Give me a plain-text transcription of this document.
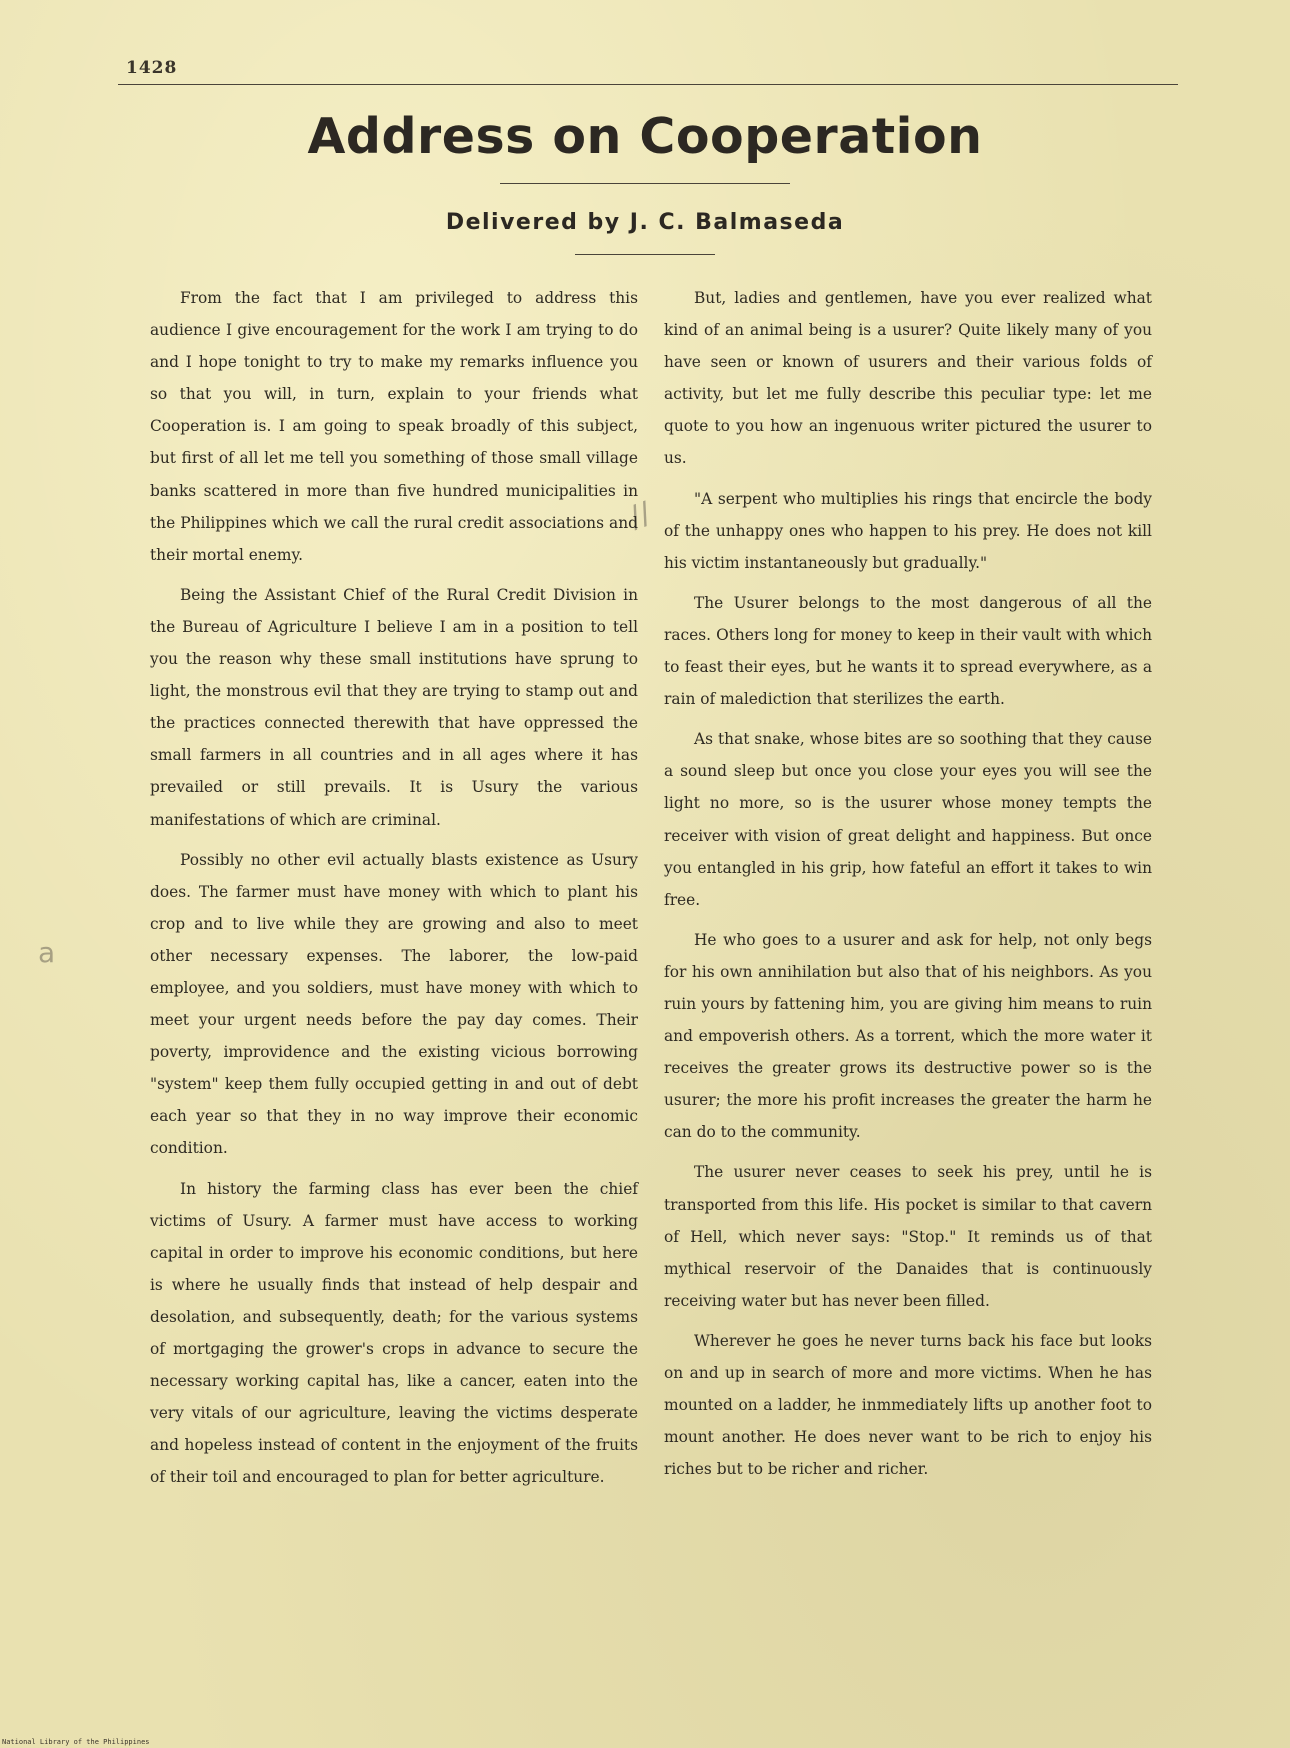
a
//
1428
Address on Cooperation
Delivered by J. C. Balmaseda

From the fact that I am privileged to address this audience I give encouragement for the work I am trying to do and I hope tonight to try to make my remarks influence you so that you will, in turn, explain to your friends what Cooperation is. I am going to speak broadly of this subject, but first of all let me tell you something of those small village banks scattered in more than five hundred municipalities in the Philippines which we call the rural credit associations and their mortal enemy.

Being the Assistant Chief of the Rural Credit Division in the Bureau of Agriculture I believe I am in a position to tell you the reason why these small institutions have sprung to light, the monstrous evil that they are trying to stamp out and the practices connected therewith that have oppressed the small farmers in all countries and in all ages where it has prevailed or still prevails. It is Usury the various manifestations of which are criminal.

Possibly no other evil actually blasts existence as Usury does. The farmer must have money with which to plant his crop and to live while they are growing and also to meet other necessary expenses. The laborer, the low-paid employee, and you soldiers, must have money with which to meet your urgent needs before the pay day comes. Their poverty, improvidence and the existing vicious borrowing "system" keep them fully occupied getting in and out of debt each year so that they in no way improve their economic condition.

In history the farming class has ever been the chief victims of Usury. A farmer must have access to working capital in order to improve his economic conditions, but here is where he usually finds that instead of help despair and desolation, and subsequently, death; for the various systems of mortgaging the grower's crops in advance to secure the necessary working capital has, like a cancer, eaten into the very vitals of our agriculture, leaving the victims desperate and hopeless instead of content in the enjoyment of the fruits of their toil and encouraged to plan for better agriculture.

But, ladies and gentlemen, have you ever realized what kind of an animal being is a usurer? Quite likely many of you have seen or known of usurers and their various folds of activity, but let me fully describe this peculiar type: let me quote to you how an ingenuous writer pictured the usurer to us.

"A serpent who multiplies his rings that encircle the body of the unhappy ones who happen to his prey. He does not kill his victim instantaneously but gradually."

The Usurer belongs to the most dangerous of all the races. Others long for money to keep in their vault with which to feast their eyes, but he wants it to spread everywhere, as a rain of malediction that sterilizes the earth.

As that snake, whose bites are so soothing that they cause a sound sleep but once you close your eyes you will see the light no more, so is the usurer whose money tempts the receiver with vision of great delight and happiness. But once you entangled in his grip, how fateful an effort it takes to win free.

He who goes to a usurer and ask for help, not only begs for his own annihilation but also that of his neighbors. As you ruin yours by fattening him, you are giving him means to ruin and empoverish others. As a torrent, which the more water it receives the greater grows its destructive power so is the usurer; the more his profit increases the greater the harm he can do to the community.

The usurer never ceases to seek his prey, until he is transported from this life. His pocket is similar to that cavern of Hell, which never says: "Stop." It reminds us of that mythical reservoir of the Danaides that is continuously receiving water but has never been filled.

Wherever he goes he never turns back his face but looks on and up in search of more and more victims. When he has mounted on a ladder, he inmmediately lifts up another foot to mount another. He does never want to be rich to enjoy his riches but to be richer and richer.

National Library of the Philippines
